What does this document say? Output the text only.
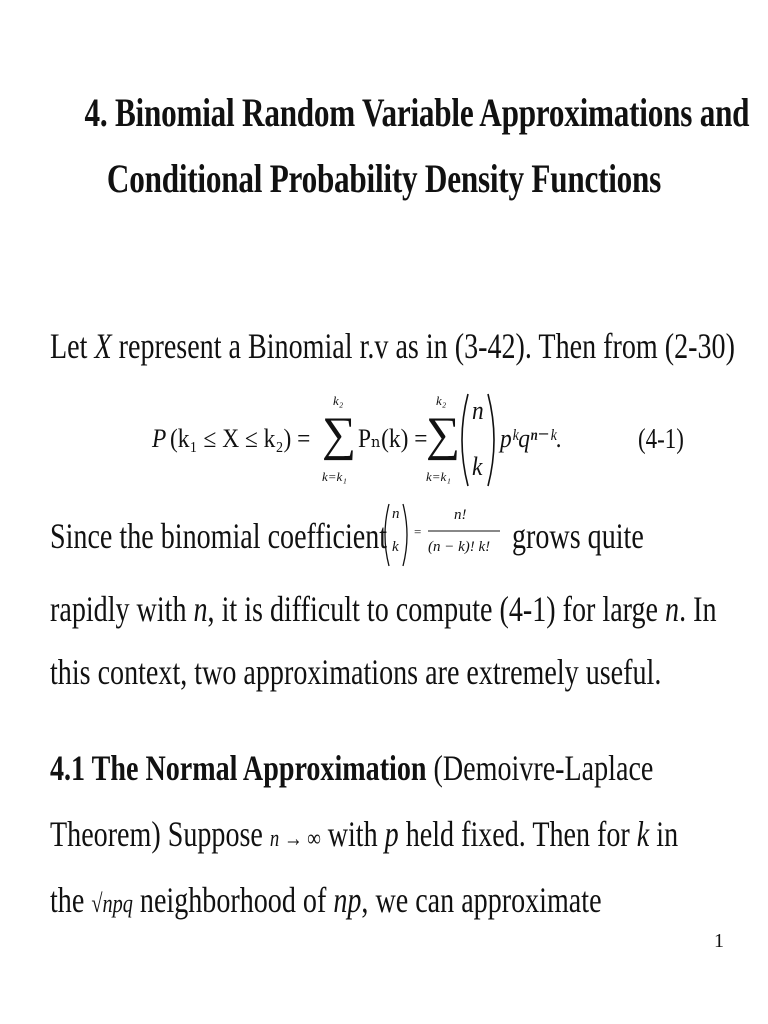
4. Binomial Random Variable Approximations and
Conditional Probability Density Functions
Let X represent a Binomial r.v as in (3-42). Then from (2-30)
P (k₁ ≤ X ≤ k₂) =
k₂
∑
k=k₁
Pₙ(k) =
k₂
∑
k=k₁
n
k
pᵏqⁿ⁻ᵏ.	(4-1)
Since the binomial coefficient
n
k
=
n!
(n − k)! k! grows quite
rapidly with n, it is difficult to compute (4-1) for large n. In
this context, two approximations are extremely useful.
4.1 The Normal Approximation (Demoivre-Laplace
Theorem) Suppose n → ∞ with p held fixed. Then for k in
the √npq neighborhood of np, we can approximate
1
